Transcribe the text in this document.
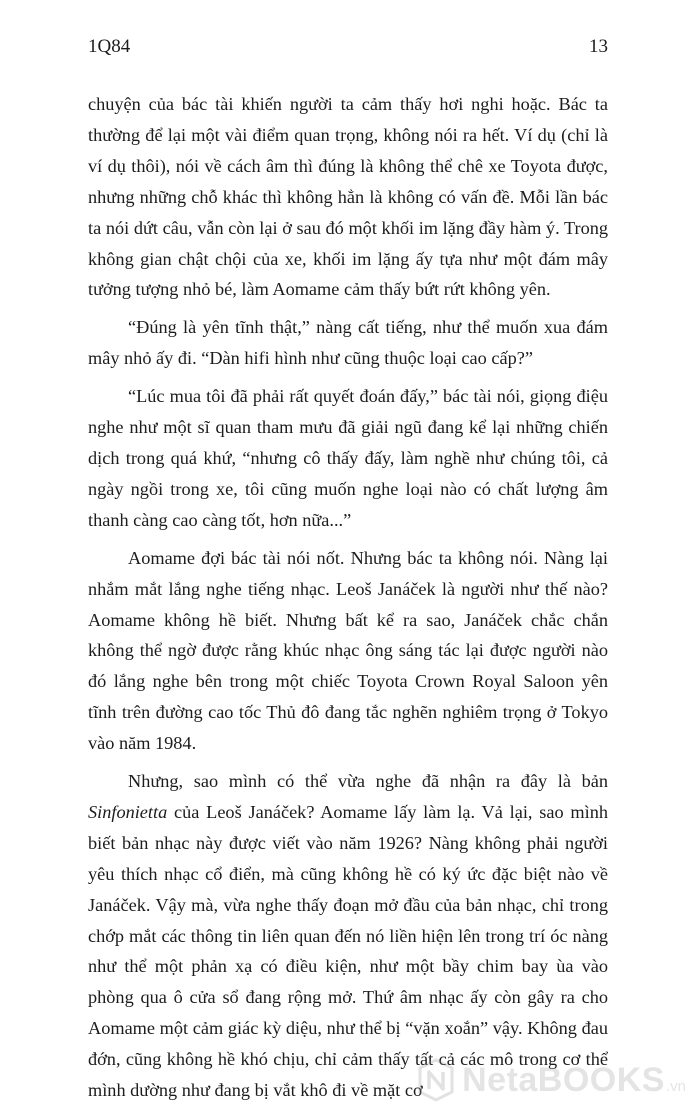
1Q84	13

chuyện của bác tài khiến người ta cảm thấy hơi nghi hoặc. Bác ta thường để lại một vài điểm quan trọng, không nói ra hết. Ví dụ (chỉ là ví dụ thôi), nói về cách âm thì đúng là không thể chê xe Toyota được, nhưng những chỗ khác thì không hẳn là không có vấn đề. Mỗi lần bác ta nói dứt câu, vẫn còn lại ở sau đó một khối im lặng đầy hàm ý. Trong không gian chật chội của xe, khối im lặng ấy tựa như một đám mây tưởng tượng nhỏ bé, làm Aomame cảm thấy bứt rứt không yên.

“Đúng là yên tĩnh thật,” nàng cất tiếng, như thể muốn xua đám mây nhỏ ấy đi. “Dàn hifi hình như cũng thuộc loại cao cấp?”

“Lúc mua tôi đã phải rất quyết đoán đấy,” bác tài nói, giọng điệu nghe như một sĩ quan tham mưu đã giải ngũ đang kể lại những chiến dịch trong quá khứ, “nhưng cô thấy đấy, làm nghề như chúng tôi, cả ngày ngồi trong xe, tôi cũng muốn nghe loại nào có chất lượng âm thanh càng cao càng tốt, hơn nữa...”

Aomame đợi bác tài nói nốt. Nhưng bác ta không nói. Nàng lại nhắm mắt lắng nghe tiếng nhạc. Leoš Janáček là người như thế nào? Aomame không hề biết. Nhưng bất kể ra sao, Janáček chắc chắn không thể ngờ được rằng khúc nhạc ông sáng tác lại được người nào đó lắng nghe bên trong một chiếc Toyota Crown Royal Saloon yên tĩnh trên đường cao tốc Thủ đô đang tắc nghẽn nghiêm trọng ở Tokyo vào năm 1984.

Nhưng, sao mình có thể vừa nghe đã nhận ra đây là bản Sinfonietta của Leoš Janáček? Aomame lấy làm lạ. Vả lại, sao mình biết bản nhạc này được viết vào năm 1926? Nàng không phải người yêu thích nhạc cổ điển, mà cũng không hề có ký ức đặc biệt nào về Janáček. Vậy mà, vừa nghe thấy đoạn mở đầu của bản nhạc, chỉ trong chớp mắt các thông tin liên quan đến nó liền hiện lên trong trí óc nàng như thể một phản xạ có điều kiện, như một bầy chim bay ùa vào phòng qua ô cửa sổ đang rộng mở. Thứ âm nhạc ấy còn gây ra cho Aomame một cảm giác kỳ diệu, như thể bị “vặn xoắn” vậy. Không đau đớn, cũng không hề khó chịu, chỉ cảm thấy tất cả các mô trong cơ thể mình dường như đang bị vắt khô đi về mặt cơ	NetaBOOKS .vn
